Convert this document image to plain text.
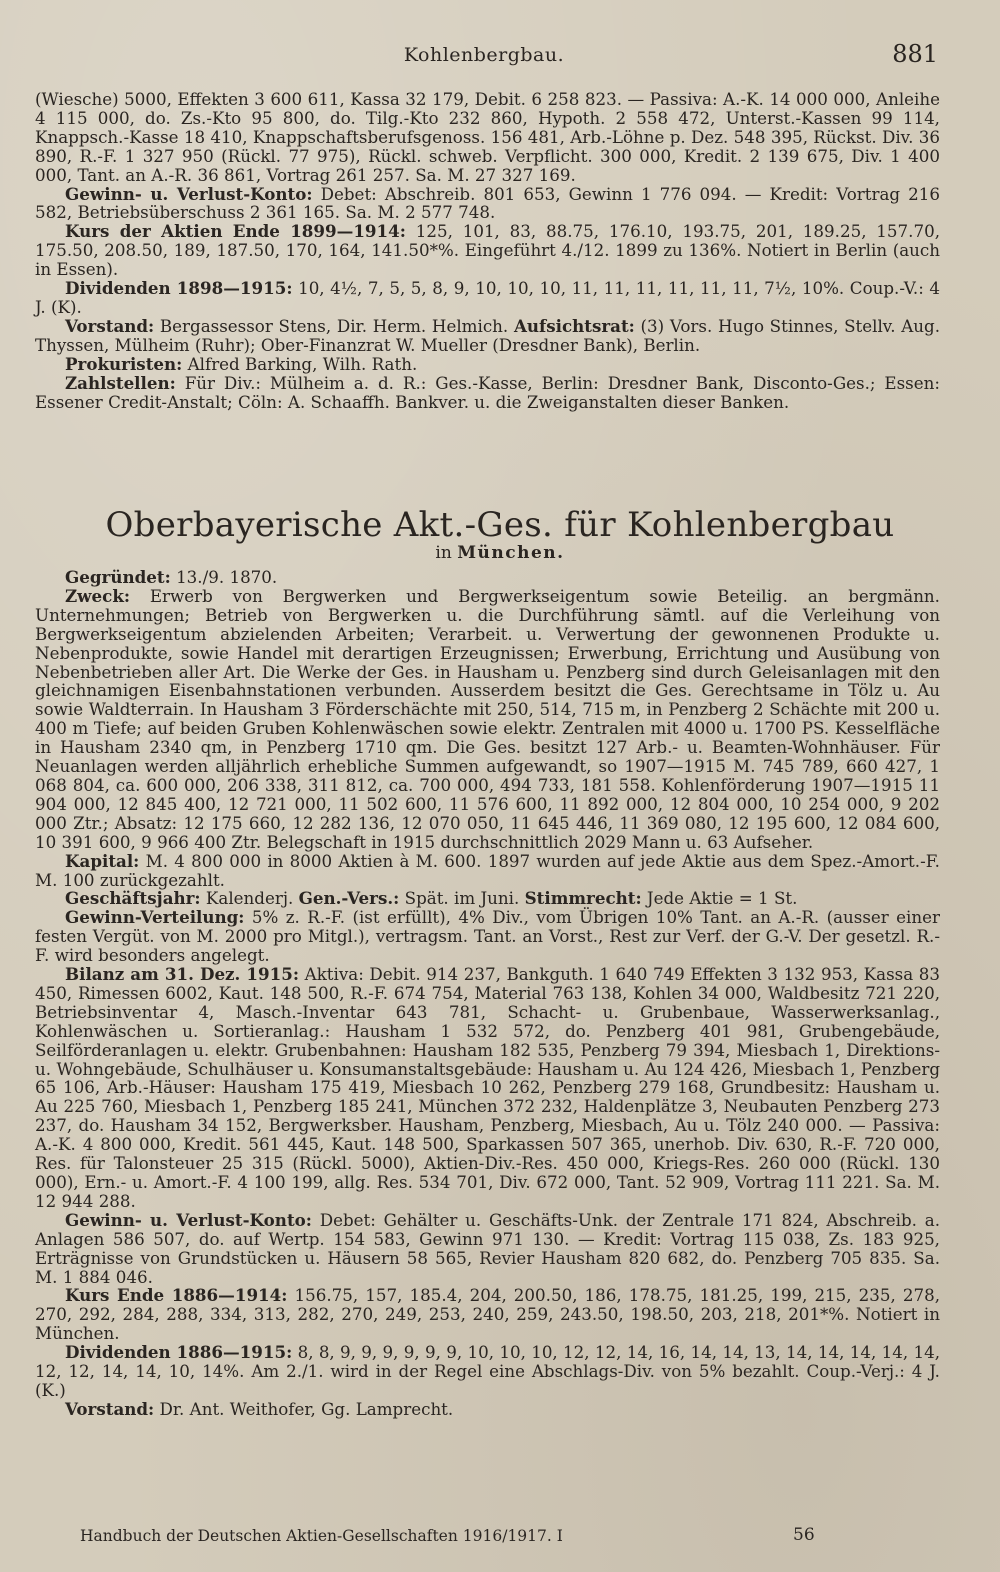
Kohlenbergbau.	881

(Wiesche) 5000, Effekten 3 600 611, Kassa 32 179, Debit. 6 258 823. — Passiva: A.-K. 14 000 000, Anleihe 4 115 000, do. Zs.-Kto 95 800, do. Tilg.-Kto 232 860, Hypoth. 2 558 472, Unterst.-Kassen 99 114, Knappsch.-Kasse 18 410, Knappschaftsberufsgenoss. 156 481, Arb.-Löhne p. Dez. 548 395, Rückst. Div. 36 890, R.-F. 1 327 950 (Rückl. 77 975), Rückl. schweb. Verpflicht. 300 000, Kredit. 2 139 675, Div. 1 400 000, Tant. an A.-R. 36 861, Vortrag 261 257. Sa. M. 27 327 169.

Gewinn- u. Verlust-Konto: Debet: Abschreib. 801 653, Gewinn 1 776 094. — Kredit: Vortrag 216 582, Betriebsüberschuss 2 361 165. Sa. M. 2 577 748.

Kurs der Aktien Ende 1899—1914: 125, 101, 83, 88.75, 176.10, 193.75, 201, 189.25, 157.70, 175.50, 208.50, 189, 187.50, 170, 164, 141.50*%. Eingeführt 4./12. 1899 zu 136%. Notiert in Berlin (auch in Essen).

Dividenden 1898—1915: 10, 4½, 7, 5, 5, 8, 9, 10, 10, 10, 11, 11, 11, 11, 11, 11, 7½, 10%. Coup.-V.: 4 J. (K).

Vorstand: Bergassessor Stens, Dir. Herm. Helmich. Aufsichtsrat: (3) Vors. Hugo Stinnes, Stellv. Aug. Thyssen, Mülheim (Ruhr); Ober-Finanzrat W. Mueller (Dresdner Bank), Berlin.

Prokuristen: Alfred Barking, Wilh. Rath.

Zahlstellen: Für Div.: Mülheim a. d. R.: Ges.-Kasse, Berlin: Dresdner Bank, Disconto-Ges.; Essen: Essener Credit-Anstalt; Cöln: A. Schaaffh. Bankver. u. die Zweiganstalten dieser Banken.

Oberbayerische Akt.-Ges. für Kohlenbergbau
in München.

Gegründet: 13./9. 1870.

Zweck: Erwerb von Bergwerken und Bergwerkseigentum sowie Beteilig. an bergmänn. Unternehmungen; Betrieb von Bergwerken u. die Durchführung sämtl. auf die Verleihung von Bergwerkseigentum abzielenden Arbeiten; Verarbeit. u. Verwertung der gewonnenen Produkte u. Nebenprodukte, sowie Handel mit derartigen Erzeugnissen; Erwerbung, Errichtung und Ausübung von Nebenbetrieben aller Art. Die Werke der Ges. in Hausham u. Penzberg sind durch Geleisanlagen mit den gleichnamigen Eisenbahnstationen verbunden. Ausserdem besitzt die Ges. Gerechtsame in Tölz u. Au sowie Waldterrain. In Hausham 3 Förderschächte mit 250, 514, 715 m, in Penzberg 2 Schächte mit 200 u. 400 m Tiefe; auf beiden Gruben Kohlenwäschen sowie elektr. Zentralen mit 4000 u. 1700 PS. Kesselfläche in Hausham 2340 qm, in Penzberg 1710 qm. Die Ges. besitzt 127 Arb.- u. Beamten-Wohnhäuser. Für Neuanlagen werden alljährlich erhebliche Summen aufgewandt, so 1907—1915 M. 745 789, 660 427, 1 068 804, ca. 600 000, 206 338, 311 812, ca. 700 000, 494 733, 181 558. Kohlenförderung 1907—1915 11 904 000, 12 845 400, 12 721 000, 11 502 600, 11 576 600, 11 892 000, 12 804 000, 10 254 000, 9 202 000 Ztr.; Absatz: 12 175 660, 12 282 136, 12 070 050, 11 645 446, 11 369 080, 12 195 600, 12 084 600, 10 391 600, 9 966 400 Ztr. Belegschaft in 1915 durchschnittlich 2029 Mann u. 63 Aufseher.

Kapital: M. 4 800 000 in 8000 Aktien à M. 600. 1897 wurden auf jede Aktie aus dem Spez.-Amort.-F. M. 100 zurückgezahlt.

Geschäftsjahr: Kalenderj. Gen.-Vers.: Spät. im Juni. Stimmrecht: Jede Aktie = 1 St.

Gewinn-Verteilung: 5% z. R.-F. (ist erfüllt), 4% Div., vom Übrigen 10% Tant. an A.-R. (ausser einer festen Vergüt. von M. 2000 pro Mitgl.), vertragsm. Tant. an Vorst., Rest zur Verf. der G.-V. Der gesetzl. R.-F. wird besonders angelegt.

Bilanz am 31. Dez. 1915: Aktiva: Debit. 914 237, Bankguth. 1 640 749 Effekten 3 132 953, Kassa 83 450, Rimessen 6002, Kaut. 148 500, R.-F. 674 754, Material 763 138, Kohlen 34 000, Waldbesitz 721 220, Betriebsinventar 4, Masch.-Inventar 643 781, Schacht- u. Grubenbaue, Wasserwerksanlag., Kohlenwäschen u. Sortieranlag.: Hausham 1 532 572, do. Penzberg 401 981, Grubengebäude, Seilförderanlagen u. elektr. Grubenbahnen: Hausham 182 535, Penzberg 79 394, Miesbach 1, Direktions- u. Wohngebäude, Schulhäuser u. Konsumanstaltsgebäude: Hausham u. Au 124 426, Miesbach 1, Penzberg 65 106, Arb.-Häuser: Hausham 175 419, Miesbach 10 262, Penzberg 279 168, Grundbesitz: Hausham u. Au 225 760, Miesbach 1, Penzberg 185 241, München 372 232, Haldenplätze 3, Neubauten Penzberg 273 237, do. Hausham 34 152, Bergwerksber. Hausham, Penzberg, Miesbach, Au u. Tölz 240 000. — Passiva: A.-K. 4 800 000, Kredit. 561 445, Kaut. 148 500, Sparkassen 507 365, unerhob. Div. 630, R.-F. 720 000, Res. für Talonsteuer 25 315 (Rückl. 5000), Aktien-Div.-Res. 450 000, Kriegs-Res. 260 000 (Rückl. 130 000), Ern.- u. Amort.-F. 4 100 199, allg. Res. 534 701, Div. 672 000, Tant. 52 909, Vortrag 111 221. Sa. M. 12 944 288.

Gewinn- u. Verlust-Konto: Debet: Gehälter u. Geschäfts-Unk. der Zentrale 171 824, Abschreib. a. Anlagen 586 507, do. auf Wertp. 154 583, Gewinn 971 130. — Kredit: Vortrag 115 038, Zs. 183 925, Erträgnisse von Grundstücken u. Häusern 58 565, Revier Hausham 820 682, do. Penzberg 705 835. Sa. M. 1 884 046.

Kurs Ende 1886—1914: 156.75, 157, 185.4, 204, 200.50, 186, 178.75, 181.25, 199, 215, 235, 278, 270, 292, 284, 288, 334, 313, 282, 270, 249, 253, 240, 259, 243.50, 198.50, 203, 218, 201*%. Notiert in München.

Dividenden 1886—1915: 8, 8, 9, 9, 9, 9, 9, 9, 10, 10, 10, 12, 12, 14, 16, 14, 14, 13, 14, 14, 14, 14, 14, 12, 12, 14, 14, 10, 14%. Am 2./1. wird in der Regel eine Abschlags-Div. von 5% bezahlt. Coup.-Verj.: 4 J. (K.)

Vorstand: Dr. Ant. Weithofer, Gg. Lamprecht.

Handbuch der Deutschen Aktien-Gesellschaften 1916/1917. I	56
